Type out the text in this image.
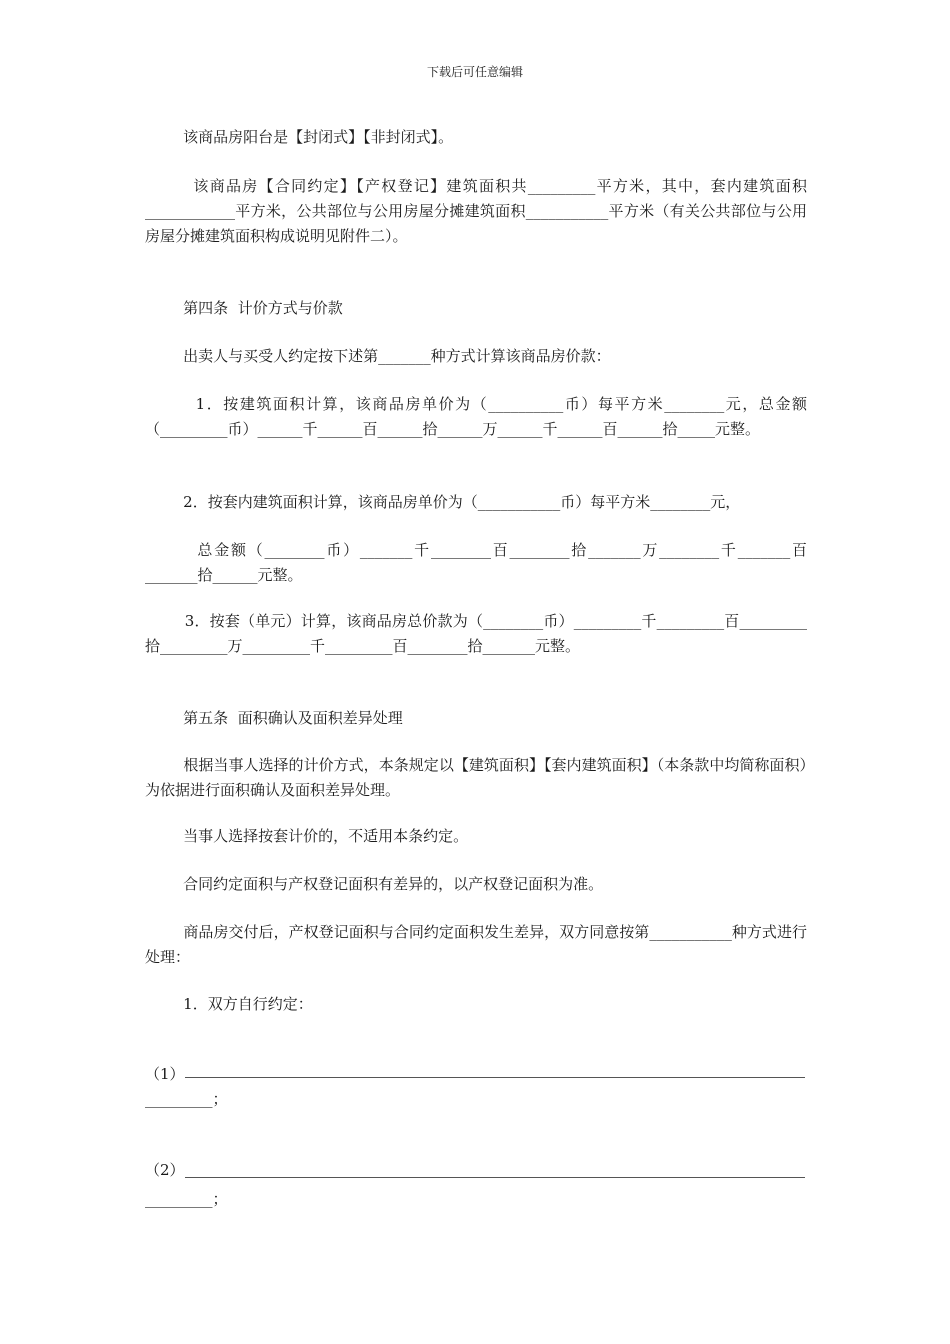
下载后可任意编辑
该商品房阳台是【封闭式】【非封闭式】。
该商品房【合同约定】【产权登记】建筑面积共_________平方米，其中，套内建筑面积____________平方米，公共部位与公用房屋分摊建筑面积___________平方米（有关公共部位与公用房屋分摊建筑面积构成说明见附件二）。
第四条  计价方式与价款
出卖人与买受人约定按下述第_______种方式计算该商品房价款：
1．按建筑面积计算，该商品房单价为（__________币）每平方米________元，总金额（_________币）______千______百______拾______万______千______百______拾_____元整。
2．按套内建筑面积计算，该商品房单价为（___________币）每平方米________元，
总金额（________币）_______千________百________拾_______万________千_______百_______拾______元整。
3．按套（单元）计算，该商品房总价款为（________币）_________千_________百_________拾_________万_________千_________百________拾_______元整。
第五条  面积确认及面积差异处理
根据当事人选择的计价方式，本条规定以【建筑面积】【套内建筑面积】（本条款中均简称面积）为依据进行面积确认及面积差异处理。
当事人选择按套计价的，不适用本条约定。
合同约定面积与产权登记面积有差异的，以产权登记面积为准。
商品房交付后，产权登记面积与合同约定面积发生差异，双方同意按第___________种方式进行处理：
1．双方自行约定：
（1）
_________；
（2）
_________；
